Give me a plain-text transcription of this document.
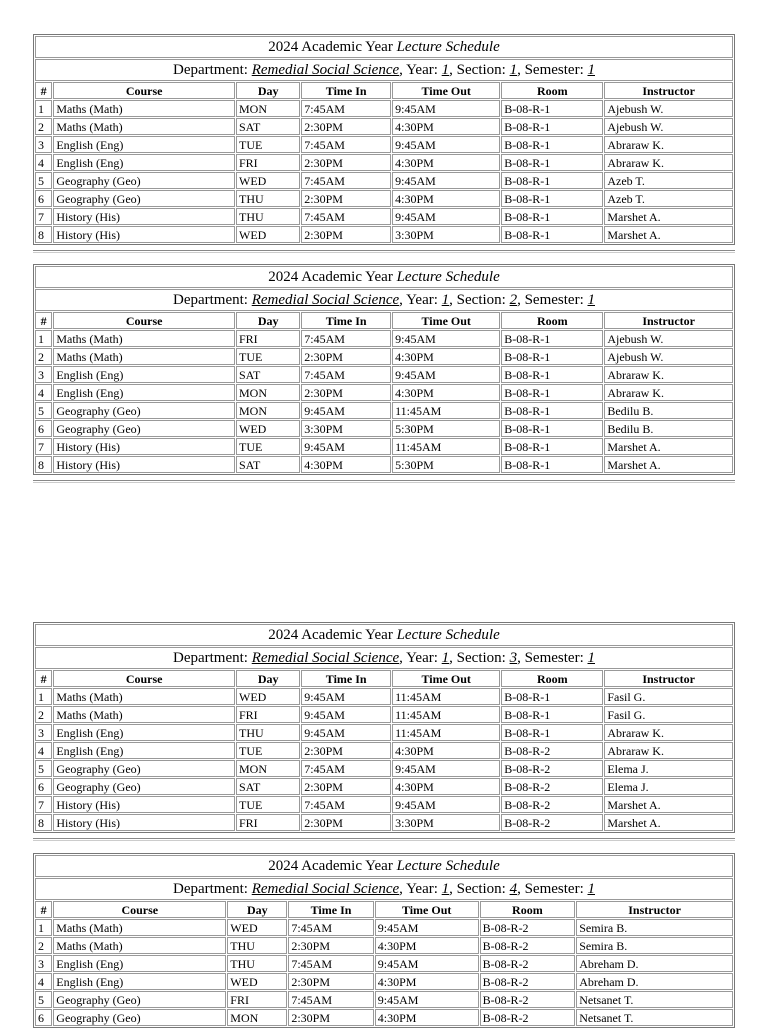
2024 Academic Year Lecture Schedule						
Department: Remedial Social Science, Year: 1, Section: 1, Semester: 1						
#	Course	Day	Time In	Time Out	Room	Instructor
1	Maths (Math)	MON	7:45AM	9:45AM	B-08-R-1	Ajebush W.
2	Maths (Math)	SAT	2:30PM	4:30PM	B-08-R-1	Ajebush W.
3	English (Eng)	TUE	7:45AM	9:45AM	B-08-R-1	Abraraw K.
4	English (Eng)	FRI	2:30PM	4:30PM	B-08-R-1	Abraraw K.
5	Geography (Geo)	WED	7:45AM	9:45AM	B-08-R-1	Azeb T.
6	Geography (Geo)	THU	2:30PM	4:30PM	B-08-R-1	Azeb T.
7	History (His)	THU	7:45AM	9:45AM	B-08-R-1	Marshet A.
8	History (His)	WED	2:30PM	3:30PM	B-08-R-1	Marshet A.
2024 Academic Year Lecture Schedule						
Department: Remedial Social Science, Year: 1, Section: 2, Semester: 1						
#	Course	Day	Time In	Time Out	Room	Instructor
1	Maths (Math)	FRI	7:45AM	9:45AM	B-08-R-1	Ajebush W.
2	Maths (Math)	TUE	2:30PM	4:30PM	B-08-R-1	Ajebush W.
3	English (Eng)	SAT	7:45AM	9:45AM	B-08-R-1	Abraraw K.
4	English (Eng)	MON	2:30PM	4:30PM	B-08-R-1	Abraraw K.
5	Geography (Geo)	MON	9:45AM	11:45AM	B-08-R-1	Bedilu B.
6	Geography (Geo)	WED	3:30PM	5:30PM	B-08-R-1	Bedilu B.
7	History (His)	TUE	9:45AM	11:45AM	B-08-R-1	Marshet A.
8	History (His)	SAT	4:30PM	5:30PM	B-08-R-1	Marshet A.
2024 Academic Year Lecture Schedule						
Department: Remedial Social Science, Year: 1, Section: 3, Semester: 1						
#	Course	Day	Time In	Time Out	Room	Instructor
1	Maths (Math)	WED	9:45AM	11:45AM	B-08-R-1	Fasil G.
2	Maths (Math)	FRI	9:45AM	11:45AM	B-08-R-1	Fasil G.
3	English (Eng)	THU	9:45AM	11:45AM	B-08-R-1	Abraraw K.
4	English (Eng)	TUE	2:30PM	4:30PM	B-08-R-2	Abraraw K.
5	Geography (Geo)	MON	7:45AM	9:45AM	B-08-R-2	Elema J.
6	Geography (Geo)	SAT	2:30PM	4:30PM	B-08-R-2	Elema J.
7	History (His)	TUE	7:45AM	9:45AM	B-08-R-2	Marshet A.
8	History (His)	FRI	2:30PM	3:30PM	B-08-R-2	Marshet A.
2024 Academic Year Lecture Schedule						
Department: Remedial Social Science, Year: 1, Section: 4, Semester: 1						
#	Course	Day	Time In	Time Out	Room	Instructor
1	Maths (Math)	WED	7:45AM	9:45AM	B-08-R-2	Semira B.
2	Maths (Math)	THU	2:30PM	4:30PM	B-08-R-2	Semira B.
3	English (Eng)	THU	7:45AM	9:45AM	B-08-R-2	Abreham D.
4	English (Eng)	WED	2:30PM	4:30PM	B-08-R-2	Abreham D.
5	Geography (Geo)	FRI	7:45AM	9:45AM	B-08-R-2	Netsanet T.
6	Geography (Geo)	MON	2:30PM	4:30PM	B-08-R-2	Netsanet T.
